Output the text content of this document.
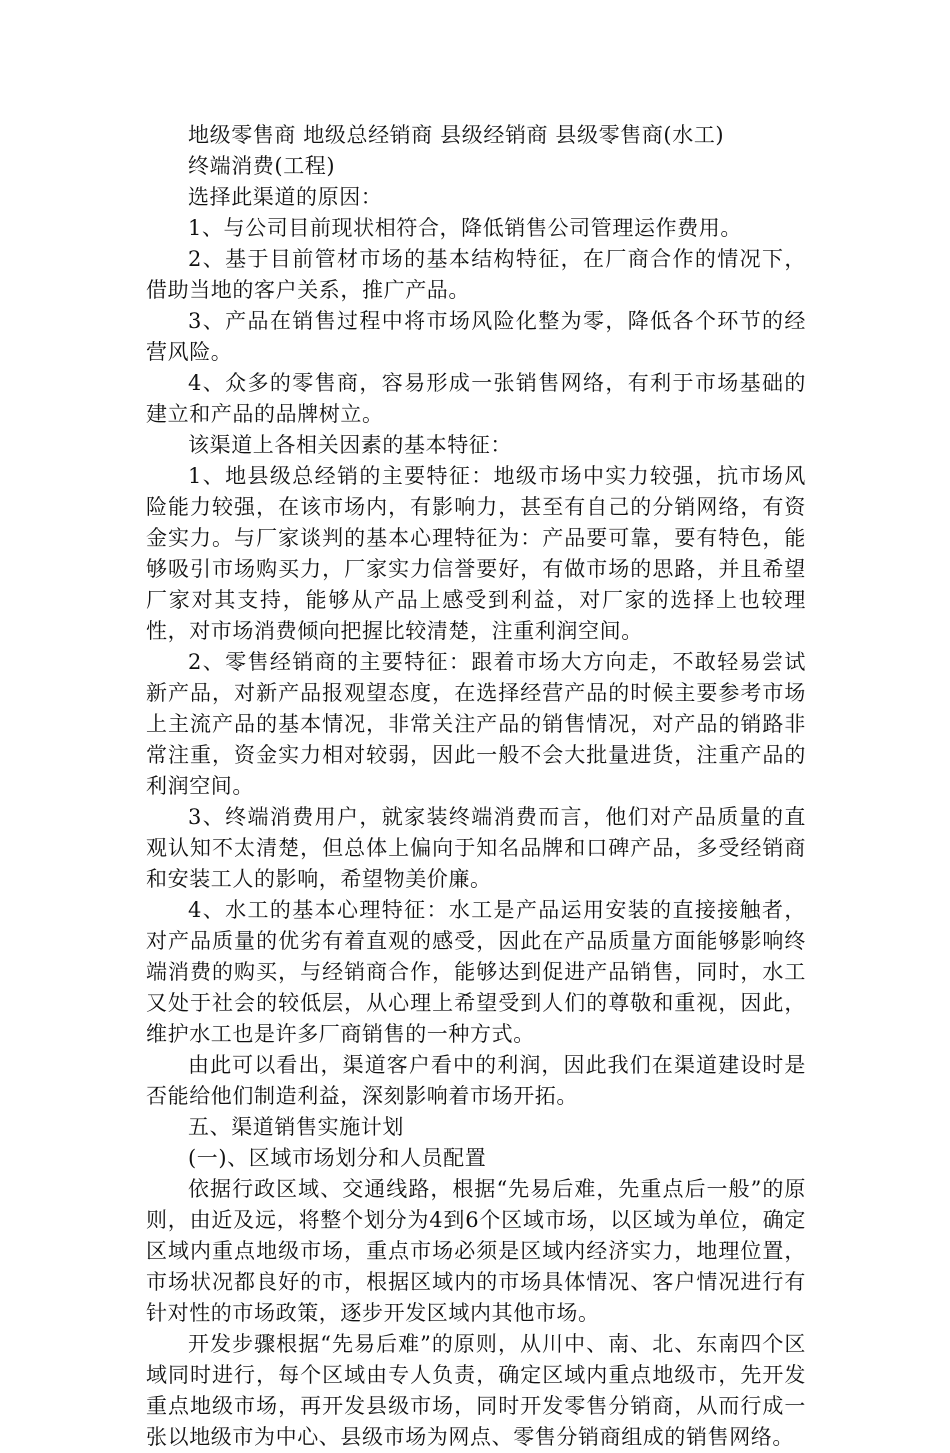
地级零售商 地级总经销商 县级经销商 县级零售商(水工)

终端消费(工程)

选择此渠道的原因：

1、与公司目前现状相符合，降低销售公司管理运作费用。

2、基于目前管材市场的基本结构特征，在厂商合作的情况下，借助当地的客户关系，推广产品。

3、产品在销售过程中将市场风险化整为零，降低各个环节的经营风险。

4、众多的零售商，容易形成一张销售网络，有利于市场基础的建立和产品的品牌树立。

该渠道上各相关因素的基本特征：

1、地县级总经销的主要特征：地级市场中实力较强，抗市场风险能力较强，在该市场内，有影响力，甚至有自己的分销网络，有资金实力。与厂家谈判的基本心理特征为：产品要可靠，要有特色，能够吸引市场购买力，厂家实力信誉要好，有做市场的思路，并且希望厂家对其支持，能够从产品上感受到利益，对厂家的选择上也较理性，对市场消费倾向把握比较清楚，注重利润空间。

2、零售经销商的主要特征：跟着市场大方向走，不敢轻易尝试新产品，对新产品报观望态度，在选择经营产品的时候主要参考市场上主流产品的基本情况，非常关注产品的销售情况，对产品的销路非常注重，资金实力相对较弱，因此一般不会大批量进货，注重产品的利润空间。

3、终端消费用户，就家装终端消费而言，他们对产品质量的直观认知不太清楚，但总体上偏向于知名品牌和口碑产品，多受经销商和安装工人的影响，希望物美价廉。

4、水工的基本心理特征：水工是产品运用安装的直接接触者，对产品质量的优劣有着直观的感受，因此在产品质量方面能够影响终端消费的购买，与经销商合作，能够达到促进产品销售，同时，水工又处于社会的较低层，从心理上希望受到人们的尊敬和重视，因此，维护水工也是许多厂商销售的一种方式。

由此可以看出，渠道客户看中的利润，因此我们在渠道建设时是否能给他们制造利益，深刻影响着市场开拓。

五、渠道销售实施计划

(一)、区域市场划分和人员配置

依据行政区域、交通线路，根据“先易后难，先重点后一般”的原则，由近及远，将整个划分为4到6个区域市场，以区域为单位，确定区域内重点地级市场，重点市场必须是区域内经济实力，地理位置，市场状况都良好的市，根据区域内的市场具体情况、客户情况进行有针对性的市场政策，逐步开发区域内其他市场。

开发步骤根据“先易后难”的原则，从川中、南、北、东南四个区域同时进行，每个区域由专人负责，确定区域内重点地级市，先开发重点地级市场，再开发县级市场，同时开发零售分销商，从而行成一张以地级市为中心、县级市场为网点、零售分销商组成的销售网络。
